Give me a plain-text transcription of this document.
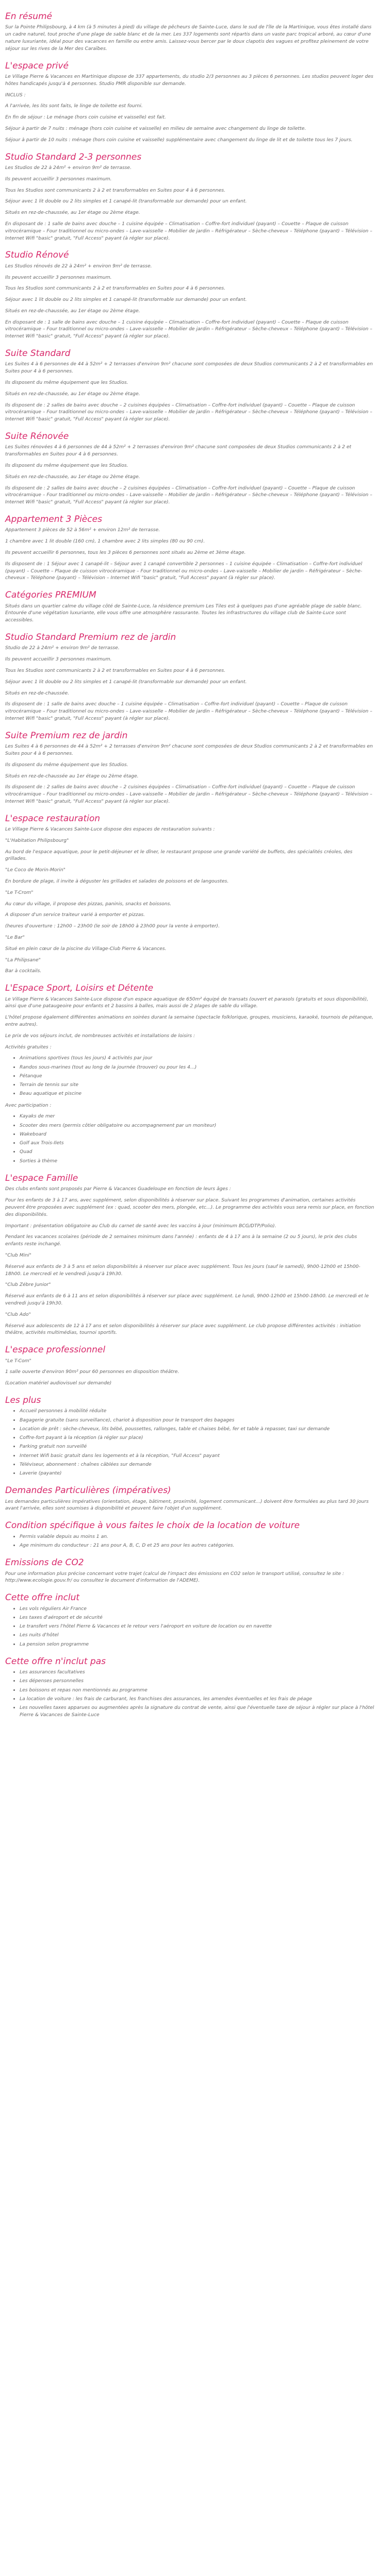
En résumé

Sur la Pointe Philipsbourg, à 4 km (à 5 minutes à pied) du village de pêcheurs de Sainte-Luce, dans le sud de l'île de la Martinique, vous êtes installé dans un cadre naturel, tout proche d'une plage de sable blanc et de la mer. Les 337 logements sont répartis dans un vaste parc tropical arboré, au cœur d'une nature luxuriante, idéal pour des vacances en famille ou entre amis. Laissez-vous bercer par le doux clapotis des vagues et profitez pleinement de votre séjour sur les rives de la Mer des Caraïbes.

L'espace privé

Le Village Pierre & Vacances en Martinique dispose de 337 appartements, du studio 2/3 personnes au 3 pièces 6 personnes. Les studios peuvent loger des hôtes handicapés jusqu'à 4 personnes. Studio PMR disponible sur demande.

INCLUS :

A l'arrivée, les lits sont faits, le linge de toilette est fourni.

En fin de séjour : Le ménage (hors coin cuisine et vaisselle) est fait.

Séjour à partir de 7 nuits : ménage (hors coin cuisine et vaisselle) en milieu de semaine avec changement du linge de toilette.

Séjour à partir de 10 nuits : ménage (hors coin cuisine et vaisselle) supplémentaire avec changement du linge de lit et de toilette tous les 7 jours.

Studio Standard 2-3 personnes

Les Studios de 22 à 24m² + environ 9m² de terrasse.

Ils peuvent accueillir 3 personnes maximum.

Tous les Studios sont communicants 2 à 2 et transformables en Suites pour 4 à 6 personnes.

Séjour avec 1 lit double ou 2 lits simples et 1 canapé-lit (transformable sur demande) pour un enfant.

Situés en rez-de-chaussée, au 1er étage ou 2ème étage.

En disposant de : 1 salle de bains avec douche – 1 cuisine équipée – Climatisation – Coffre-fort individuel (payant) – Couette – Plaque de cuisson vitrocéramique – Four traditionnel ou micro-ondes – Lave-vaisselle – Mobilier de jardin – Réfrigérateur – Sèche-cheveux – Téléphone (payant) – Télévision – Internet Wifi "basic" gratuit, "Full Access" payant (à régler sur place).

Studio Rénové

Les Studios rénovés de 22 à 24m² + environ 9m² de terrasse.

Ils peuvent accueillir 3 personnes maximum.

Tous les Studios sont communicants 2 à 2 et transformables en Suites pour 4 à 6 personnes.

Séjour avec 1 lit double ou 2 lits simples et 1 canapé-lit (transformable sur demande) pour un enfant.

Situés en rez-de-chaussée, au 1er étage ou 2ème étage.

En disposant de : 1 salle de bains avec douche – 1 cuisine équipée – Climatisation – Coffre-fort individuel (payant) – Couette – Plaque de cuisson vitrocéramique – Four traditionnel ou micro-ondes – Lave-vaisselle – Mobilier de jardin – Réfrigérateur – Sèche-cheveux – Téléphone (payant) – Télévision – Internet Wifi "basic" gratuit, "Full Access" payant (à régler sur place).

Suite Standard

Les Suites 4 à 6 personnes de 44 à 52m² + 2 terrasses d'environ 9m² chacune sont composées de deux Studios communicants 2 à 2 et transformables en Suites pour 4 à 6 personnes.

Ils disposent du même équipement que les Studios.

Situés en rez-de-chaussée, au 1er étage ou 2ème étage.

Ils disposent de : 2 salles de bains avec douche – 2 cuisines équipées – Climatisation – Coffre-fort individuel (payant) – Couette – Plaque de cuisson vitrocéramique – Four traditionnel ou micro-ondes – Lave-vaisselle – Mobilier de jardin – Réfrigérateur – Sèche-cheveux – Téléphone (payant) – Télévision – Internet Wifi "basic" gratuit, "Full Access" payant (à régler sur place).

Suite Rénovée

Les Suites rénovées 4 à 6 personnes de 44 à 52m² + 2 terrasses d'environ 9m² chacune sont composées de deux Studios communicants 2 à 2 et transformables en Suites pour 4 à 6 personnes.

Ils disposent du même équipement que les Studios.

Situés en rez-de-chaussée, au 1er étage ou 2ème étage.

Ils disposent de : 2 salles de bains avec douche – 2 cuisines équipées – Climatisation – Coffre-fort individuel (payant) – Couette – Plaque de cuisson vitrocéramique – Four traditionnel ou micro-ondes – Lave-vaisselle – Mobilier de jardin – Réfrigérateur – Sèche-cheveux – Téléphone (payant) – Télévision – Internet Wifi "basic" gratuit, "Full Access" payant (à régler sur place).

Appartement 3 Pièces

Appartement 3 pièces de 52 à 56m² + environ 12m² de terrasse.

1 chambre avec 1 lit double (160 cm), 1 chambre avec 2 lits simples (80 ou 90 cm).

Ils peuvent accueillir 6 personnes, tous les 3 pièces 6 personnes sont situés au 2ème et 3ème étage.

Ils disposent de : 1 Séjour avec 1 canapé-lit – Séjour avec 1 canapé convertible 2 personnes – 1 cuisine équipée – Climatisation – Coffre-fort individuel (payant) – Couette – Plaque de cuisson vitrocéramique – Four traditionnel ou micro-ondes – Lave-vaisselle – Mobilier de jardin – Réfrigérateur – Sèche-cheveux – Téléphone (payant) – Télévision – Internet Wifi "basic" gratuit, "Full Access" payant (à régler sur place).

Catégories PREMIUM

Situés dans un quartier calme du village côté de Sainte-Luce, la résidence premium Les Tiles est à quelques pas d'une agréable plage de sable blanc. Entourée d'une végétation luxuriante, elle vous offre une atmosphère rassurante. Toutes les infrastructures du village club de Sainte-Luce sont accessibles.

Studio Standard Premium rez de jardin

Studio de 22 à 24m² + environ 9m² de terrasse.

Ils peuvent accueillir 3 personnes maximum.

Tous les Studios sont communicants 2 à 2 et transformables en Suites pour 4 à 6 personnes.

Séjour avec 1 lit double ou 2 lits simples et 1 canapé-lit (transformable sur demande) pour un enfant.

Situés en rez-de-chaussée.

Ils disposent de : 1 salle de bains avec douche – 1 cuisine équipée – Climatisation – Coffre-fort individuel (payant) – Couette – Plaque de cuisson vitrocéramique – Four traditionnel ou micro-ondes – Lave-vaisselle – Mobilier de jardin – Réfrigérateur – Sèche-cheveux – Téléphone (payant) – Télévision – Internet Wifi "basic" gratuit, "Full Access" payant (à régler sur place).

Suite Premium rez de jardin

Les Suites 4 à 6 personnes de 44 à 52m² + 2 terrasses d'environ 9m² chacune sont composées de deux Studios communicants 2 à 2 et transformables en Suites pour 4 à 6 personnes.

Ils disposent du même équipement que les Studios.

Situés en rez-de-chaussée au 1er étage ou 2ème étage.

Ils disposent de : 2 salles de bains avec douche – 2 cuisines équipées – Climatisation – Coffre-fort individuel (payant) – Couette – Plaque de cuisson vitrocéramique – Four traditionnel ou micro-ondes – Lave-vaisselle – Mobilier de jardin – Réfrigérateur – Sèche-cheveux – Téléphone (payant) – Télévision – Internet Wifi "basic" gratuit, "Full Access" payant (à régler sur place).

L'espace restauration

Le Village Pierre & Vacances Sainte-Luce dispose des espaces de restauration suivants :

"L'Habitation Philipsbourg"

Au bord de l'espace aquatique, pour le petit-déjeuner et le dîner, le restaurant propose une grande variété de buffets, des spécialités créoles, des grillades.

"Le Coco de Morin-Morin"

En bordure de plage, il invite à déguster les grillades et salades de poissons et de langoustes.

"Le T-Crom"

Au cœur du village, il propose des pizzas, paninis, snacks et boissons.

A disposer d'un service traiteur varié à emporter et pizzas.

(heures d'ouverture : 12h00 – 23h00 (le soir de 18h00 à 23h00 pour la vente à emporter).

"Le Bar"

Situé en plein cœur de la piscine du Village-Club Pierre & Vacances.

"La Philipsane"

Bar à cocktails.

L'Espace Sport, Loisirs et Détente

Le Village Pierre & Vacances Sainte-Luce dispose d'un espace aquatique de 650m² équipé de transats (ouvert et parasols (gratuits et sous disponibilité), ainsi que d'une pataugeoire pour enfants et 2 bassins à balles, mais aussi de 2 plages de sable du village.

L'hôtel propose également différentes animations en soirées durant la semaine (spectacle folklorique, groupes, musiciens, karaoké, tournois de pétanque, entre autres).

Le prix de vos séjours inclut, de nombreuses activités et installations de loisirs :

Activités gratuites :

• Animations sportives (tous les jours) 4 activités par jour
• Randos sous-marines (tout au long de la journée (trouver) ou pour les 4...)
• Pétanque
• Terrain de tennis sur site
• Beau aquatique et piscine

Avec participation :

• Kayaks de mer
• Scooter des mers (permis côtier obligatoire ou accompagnement par un moniteur)
• Wakeboard
• Golf aux Trois-Ilets
• Quad
• Sorties à thème
L'espace Famille

Des clubs enfants sont proposés par Pierre & Vacances Guadeloupe en fonction de leurs âges :

Pour les enfants de 3 à 17 ans, avec supplément, selon disponibilités à réserver sur place. Suivant les programmes d'animation, certaines activités peuvent être proposées avec supplément (ex : quad, scooter des mers, plongée, etc...). Le programme des activités vous sera remis sur place, en fonction des disponibilités.

Important : présentation obligatoire au Club du carnet de santé avec les vaccins à jour (minimum BCG/DTP/Polio).

Pendant les vacances scolaires (période de 2 semaines minimum dans l'année) : enfants de 4 à 17 ans à la semaine (2 ou 5 jours), le prix des clubs enfants reste inchangé.

"Club Mini"

Réservé aux enfants de 3 à 5 ans et selon disponibilités à réserver sur place avec supplément. Tous les jours (sauf le samedi), 9h00-12h00 et 15h00-18h00. Le mercredi et le vendredi jusqu'à 19h30.

"Club Zébre Junior"

Réservé aux enfants de 6 à 11 ans et selon disponibilités à réserver sur place avec supplément. Le lundi, 9h00-12h00 et 15h00-18h00. Le mercredi et le vendredi jusqu'à 19h30.

"Club Ado"

Réservé aux adolescents de 12 à 17 ans et selon disponibilités à réserver sur place avec supplément. Le club propose différentes activités : initiation théâtre, activités multimédias, tournoi sportifs.

L'espace professionnel

"Le T-Com"

1 salle ouverte d'environ 90m² pour 60 personnes en disposition théâtre.

(Location matériel audiovisuel sur demande)

Les plus
• Accueil personnes à mobilité réduite
• Bagagerie gratuite (sans surveillance), chariot à disposition pour le transport des bagages
• Location de prêt : sèche-cheveux, lits bébé, poussettes, rallonges, table et chaises bébé, fer et table à repasser, taxi sur demande
• Coffre-fort payant à la réception (à régler sur place)
• Parking gratuit non surveillé
• Internet Wifi basic gratuit dans les logements et à la réception, "Full Access" payant
• Téléviseur, abonnement : chaînes câblées sur demande
• Laverie (payante)
Demandes Particulières (impératives)

Les demandes particulières impératives (orientation, étage, bâtiment, proximité, logement communicant…) doivent être formulées au plus tard 30 jours avant l'arrivée, elles sont soumises à disponibilité et peuvent faire l'objet d'un supplément.

Condition spécifique à vous faites le choix de la location de voiture
• Permis valable depuis au moins 1 an.
• Age minimum du conducteur : 21 ans pour A, B, C, D et 25 ans pour les autres catégories.
Emissions de CO2

Pour une information plus précise concernant votre trajet (calcul de l'impact des émissions en CO2 selon le transport utilisé, consultez le site : http://www.ecologie.gouv.fr/ ou consultez le document d'information de l'ADEME).

Cette offre inclut
• Les vols réguliers Air France
• Les taxes d'aéroport et de sécurité
• Le transfert vers l'hôtel Pierre & Vacances et le retour vers l'aéroport en voiture de location ou en navette
• Les nuits d'hôtel
• La pension selon programme
Cette offre n'inclut pas
• Les assurances facultatives
• Les dépenses personnelles
• Les boissons et repas non mentionnés au programme
• La location de voiture : les frais de carburant, les franchises des assurances, les amendes éventuelles et les frais de péage
• Les nouvelles taxes apparues ou augmentées après la signature du contrat de vente, ainsi que l'éventuelle taxe de séjour à régler sur place à l'hôtel Pierre & Vacances de Sainte-Luce
